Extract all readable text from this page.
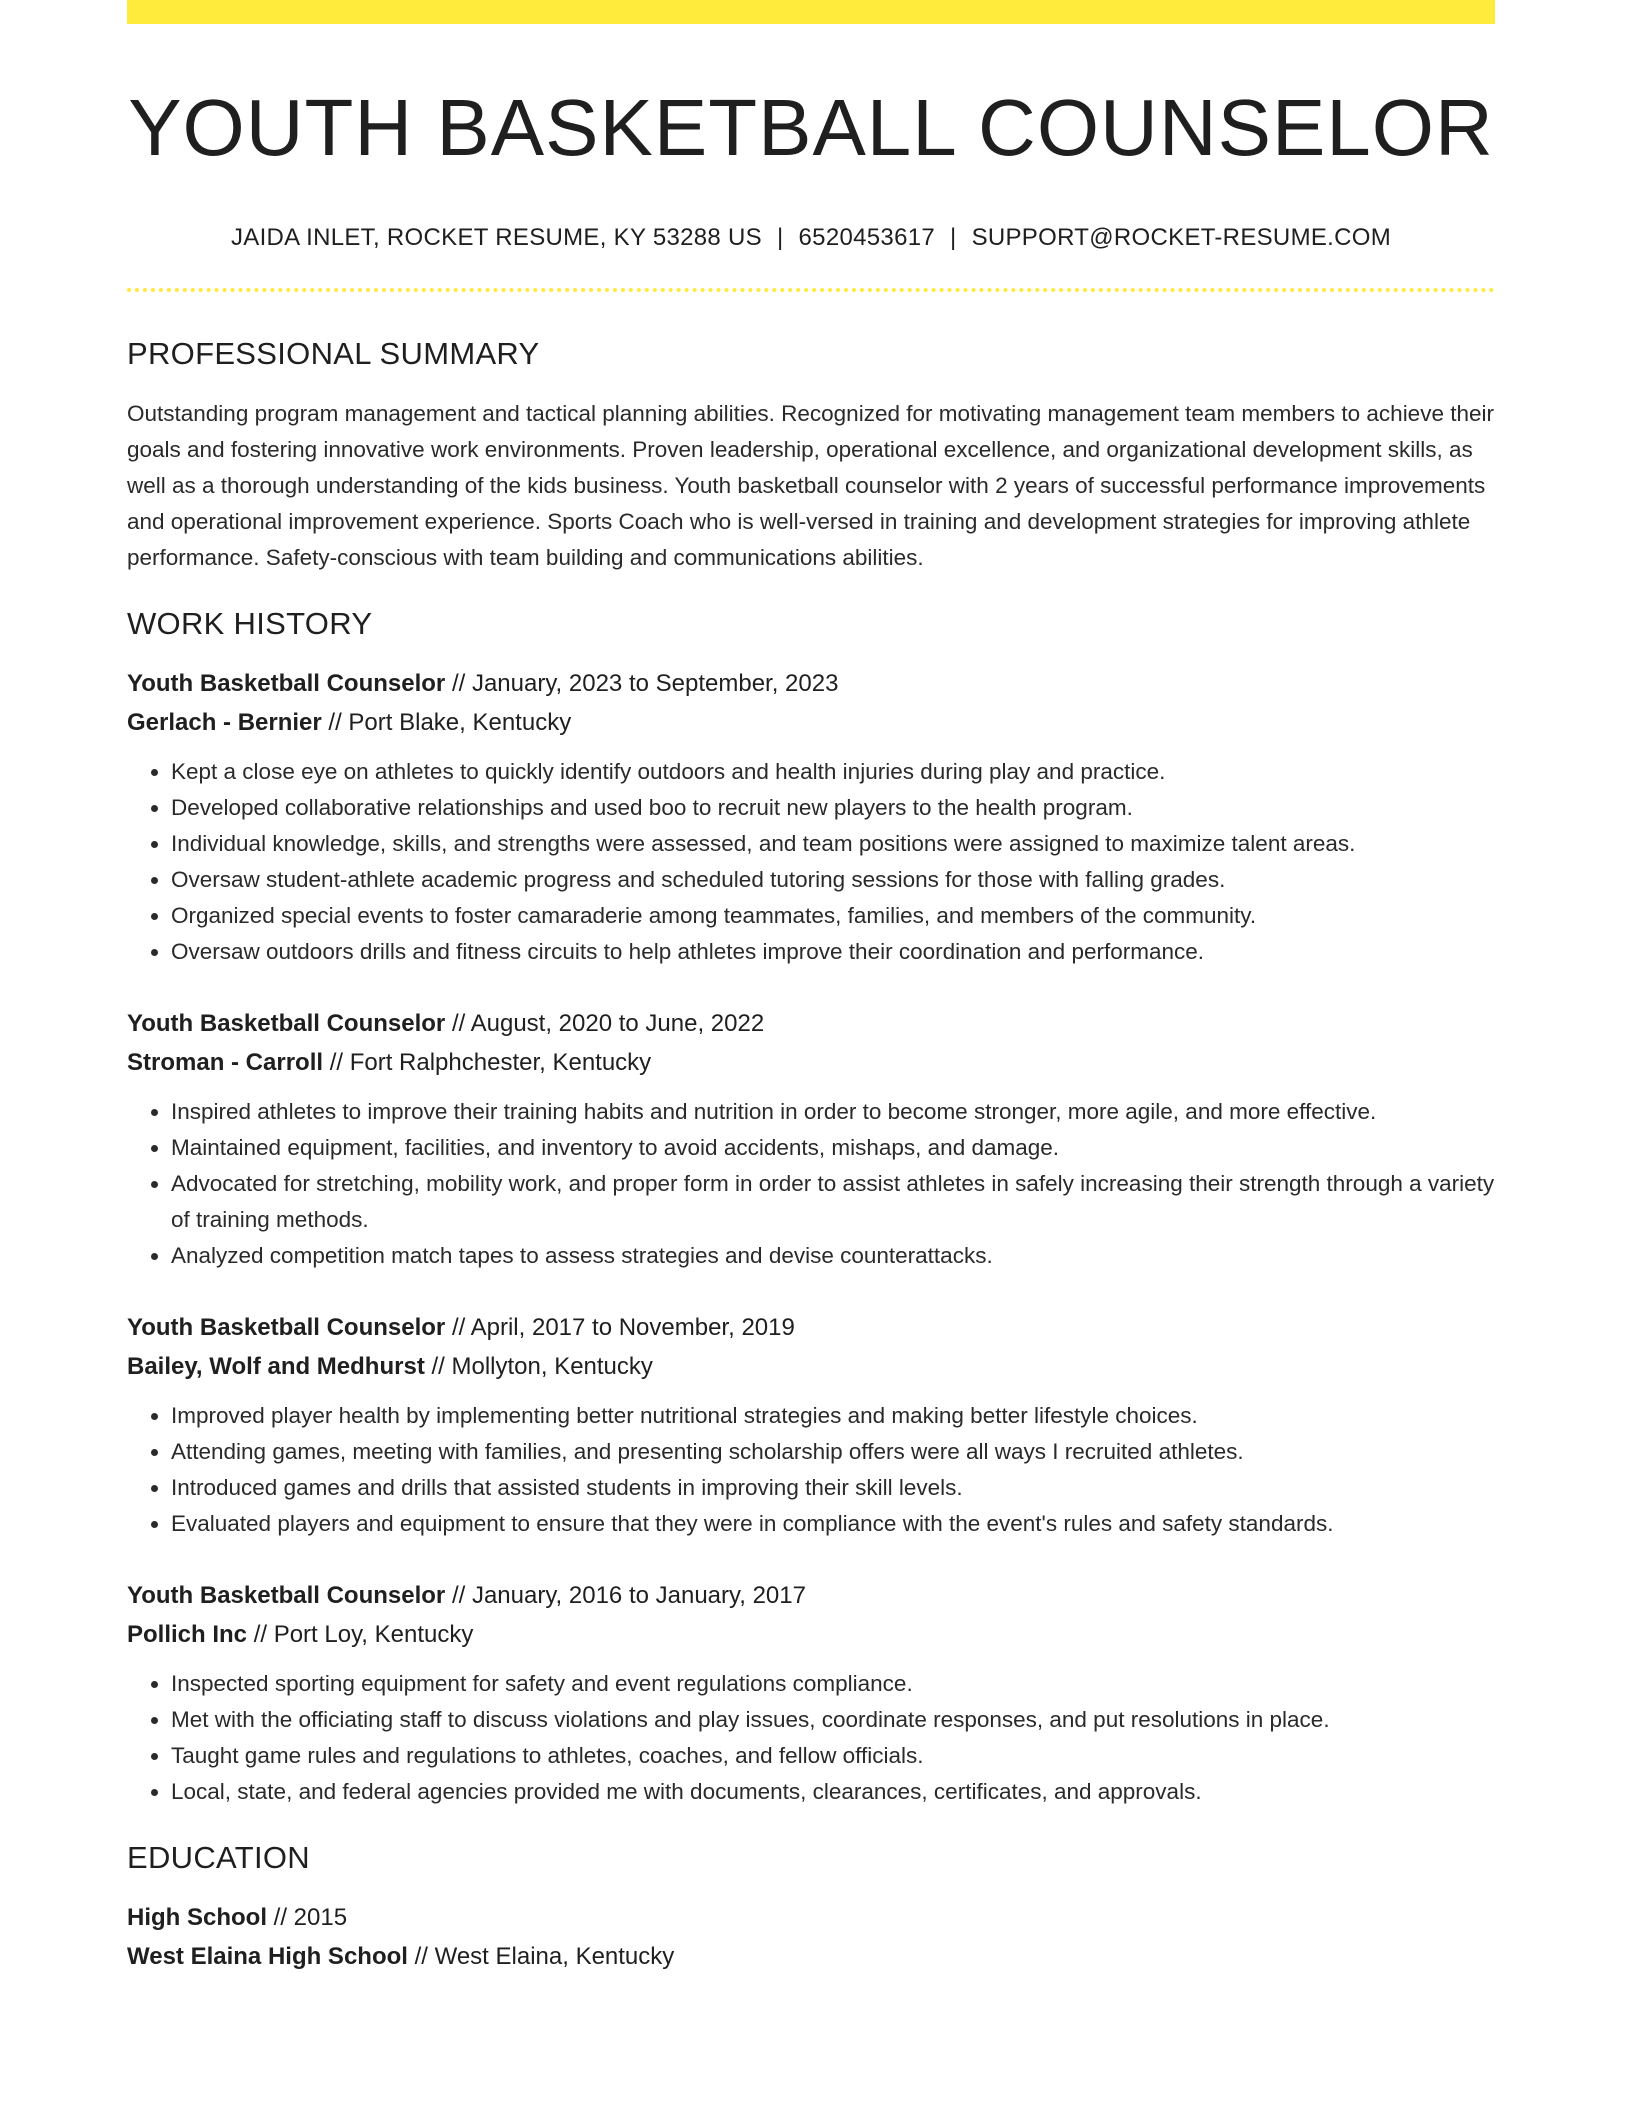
YOUTH BASKETBALL COUNSELOR
JAIDA INLET, ROCKET RESUME, KY 53288 US | 6520453617 | SUPPORT@ROCKET-RESUME.COM
PROFESSIONAL SUMMARY
Outstanding program management and tactical planning abilities. Recognized for motivating management team members to achieve their goals and fostering innovative work environments. Proven leadership, operational excellence, and organizational development skills, as well as a thorough understanding of the kids business. Youth basketball counselor with 2 years of successful performance improvements and operational improvement experience. Sports Coach who is well-versed in training and development strategies for improving athlete performance. Safety-conscious with team building and communications abilities.
WORK HISTORY
Youth Basketball Counselor // January, 2023 to September, 2023
Gerlach - Bernier // Port Blake, Kentucky
• Kept a close eye on athletes to quickly identify outdoors and health injuries during play and practice.
• Developed collaborative relationships and used boo to recruit new players to the health program.
• Individual knowledge, skills, and strengths were assessed, and team positions were assigned to maximize talent areas.
• Oversaw student-athlete academic progress and scheduled tutoring sessions for those with falling grades.
• Organized special events to foster camaraderie among teammates, families, and members of the community.
• Oversaw outdoors drills and fitness circuits to help athletes improve their coordination and performance.
Youth Basketball Counselor // August, 2020 to June, 2022
Stroman - Carroll // Fort Ralphchester, Kentucky
• Inspired athletes to improve their training habits and nutrition in order to become stronger, more agile, and more effective.
• Maintained equipment, facilities, and inventory to avoid accidents, mishaps, and damage.
• Advocated for stretching, mobility work, and proper form in order to assist athletes in safely increasing their strength through a variety of training methods.
• Analyzed competition match tapes to assess strategies and devise counterattacks.
Youth Basketball Counselor // April, 2017 to November, 2019
Bailey, Wolf and Medhurst // Mollyton, Kentucky
• Improved player health by implementing better nutritional strategies and making better lifestyle choices.
• Attending games, meeting with families, and presenting scholarship offers were all ways I recruited athletes.
• Introduced games and drills that assisted students in improving their skill levels.
• Evaluated players and equipment to ensure that they were in compliance with the event's rules and safety standards.
Youth Basketball Counselor // January, 2016 to January, 2017
Pollich Inc // Port Loy, Kentucky
• Inspected sporting equipment for safety and event regulations compliance.
• Met with the officiating staff to discuss violations and play issues, coordinate responses, and put resolutions in place.
• Taught game rules and regulations to athletes, coaches, and fellow officials.
• Local, state, and federal agencies provided me with documents, clearances, certificates, and approvals.
EDUCATION
High School // 2015
West Elaina High School // West Elaina, Kentucky
